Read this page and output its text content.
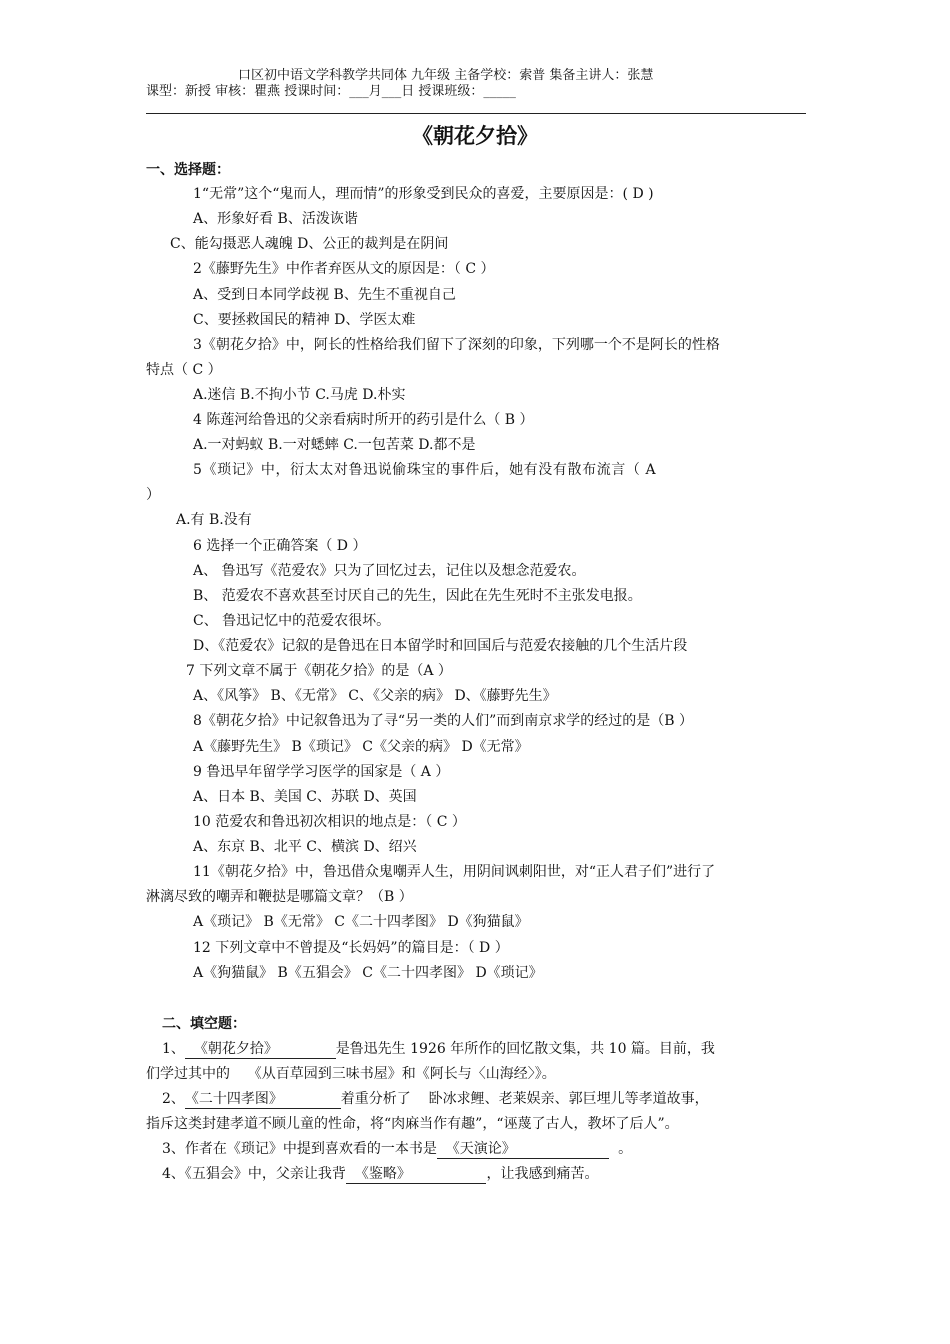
口区初中语文学科教学共同体 九年级 主备学校：索普 集备主讲人：张慧
课型：新授 审核：瞿燕 授课时间：___月___日 授课班级：_____
《朝花夕拾》
一、选择题：
1“无常”这个“鬼而人，理而情”的形象受到民众的喜爱，主要原因是：( D )
A、形象好看 B、活泼诙谐
C、能勾摄恶人魂魄 D、公正的裁判是在阴间
2《藤野先生》中作者弃医从文的原因是：（ C ）
A、受到日本同学歧视 B、先生不重视自己
C、要拯救国民的精神 D、学医太难
3《朝花夕拾》中，阿长的性格给我们留下了深刻的印象，下列哪一个不是阿长的性格
特点（ C ）
A.迷信 B.不拘小节 C.马虎 D.朴实
4 陈莲河给鲁迅的父亲看病时所开的药引是什么（ B ）
A.一对蚂蚁 B.一对蟋蟀 C.一包苦菜 D.都不是
5《琐记》中，衍太太对鲁迅说偷珠宝的事件后，她有没有散布流言（ A
）
A.有 B.没有
6 选择一个正确答案（ D ）
A、 鲁迅写《范爱农》只为了回忆过去，记住以及想念范爱农。
B、 范爱农不喜欢甚至讨厌自己的先生，因此在先生死时不主张发电报。
C、 鲁迅记忆中的范爱农很坏。
D、《范爱农》记叙的是鲁迅在日本留学时和回国后与范爱农接触的几个生活片段
7 下列文章不属于《朝花夕拾》的是（A ）
A、《风筝》 B、《无常》 C、《父亲的病》 D、《藤野先生》
8《朝花夕拾》中记叙鲁迅为了寻“另一类的人们”而到南京求学的经过的是（B ）
A《藤野先生》 B《琐记》 C《父亲的病》 D《无常》
9 鲁迅早年留学学习医学的国家是（ A ）
A、日本 B、美国 C、苏联 D、英国
10 范爱农和鲁迅初次相识的地点是：（ C ）
A、东京 B、北平 C、横滨 D、绍兴
11《朝花夕拾》中，鲁迅借众鬼嘲弄人生，用阴间讽刺阳世，对“正人君子们”进行了
淋漓尽致的嘲弄和鞭挞是哪篇文章？（B ）
A《琐记》 B《无常》 C《二十四孝图》 D《狗猫鼠》
12 下列文章中不曾提及“长妈妈”的篇目是：（ D ）
A《狗猫鼠》 B《五猖会》 C《二十四孝图》 D《琐记》
二、填空题：
1、  《朝花夕拾》             是鲁迅先生 1926 年所作的回忆散文集，共 10 篇。目前，我
们学过其中的    《从百草园到三味书屋》和《阿长与〈山海经〉》。
2、《二十四孝图》             着重分析了    卧冰求鲤、老莱娱亲、郭巨埋儿等孝道故事，
指斥这类封建孝道不顾儿童的性命，将“肉麻当作有趣”，“诬蔑了古人，教坏了后人”。
3、作者在《琐记》中提到喜欢看的一本书是  《天演论》                       。
4、《五猖会》中，父亲让我背  《鉴略》                 ，让我感到痛苦。
